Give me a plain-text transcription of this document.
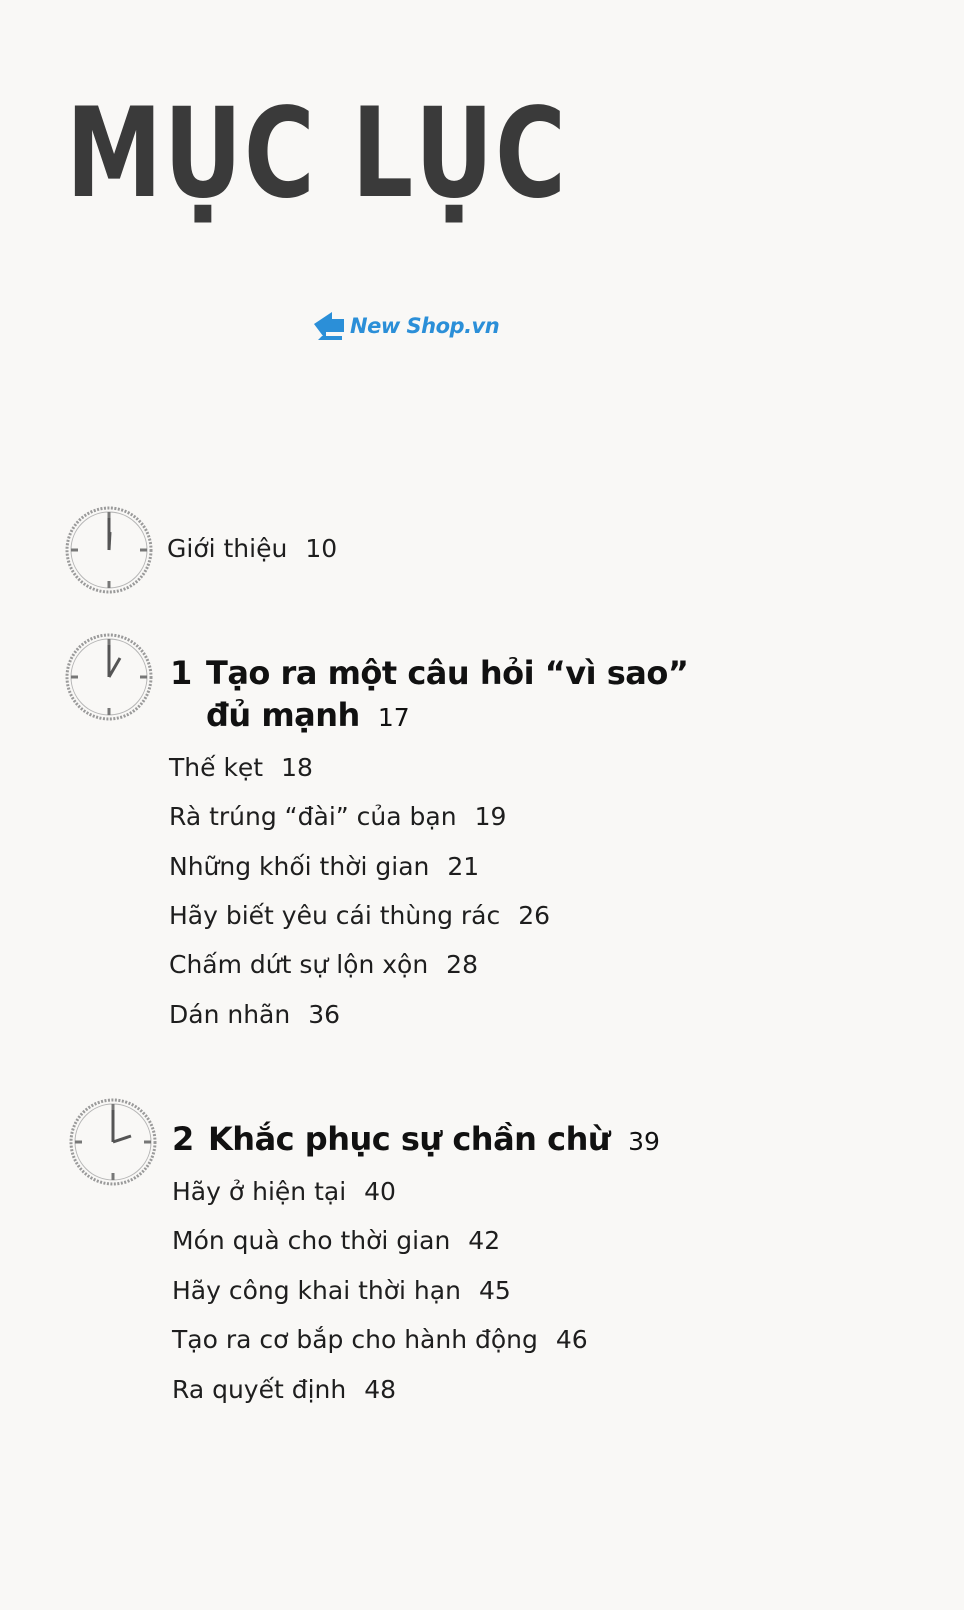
MỤC LỤC
New Shop.vn
Giới thiệu 10
1 Tạo ra một câu hỏi “vì sao”
đủ mạnh 17
Thế kẹt 18
Rà trúng “đài” của bạn 19
Những khối thời gian 21
Hãy biết yêu cái thùng rác 26
Chấm dứt sự lộn xộn 28
Dán nhãn 36
2 Khắc phục sự chần chừ 39
Hãy ở hiện tại 40
Món quà cho thời gian 42
Hãy công khai thời hạn 45
Tạo ra cơ bắp cho hành động 46
Ra quyết định 48
